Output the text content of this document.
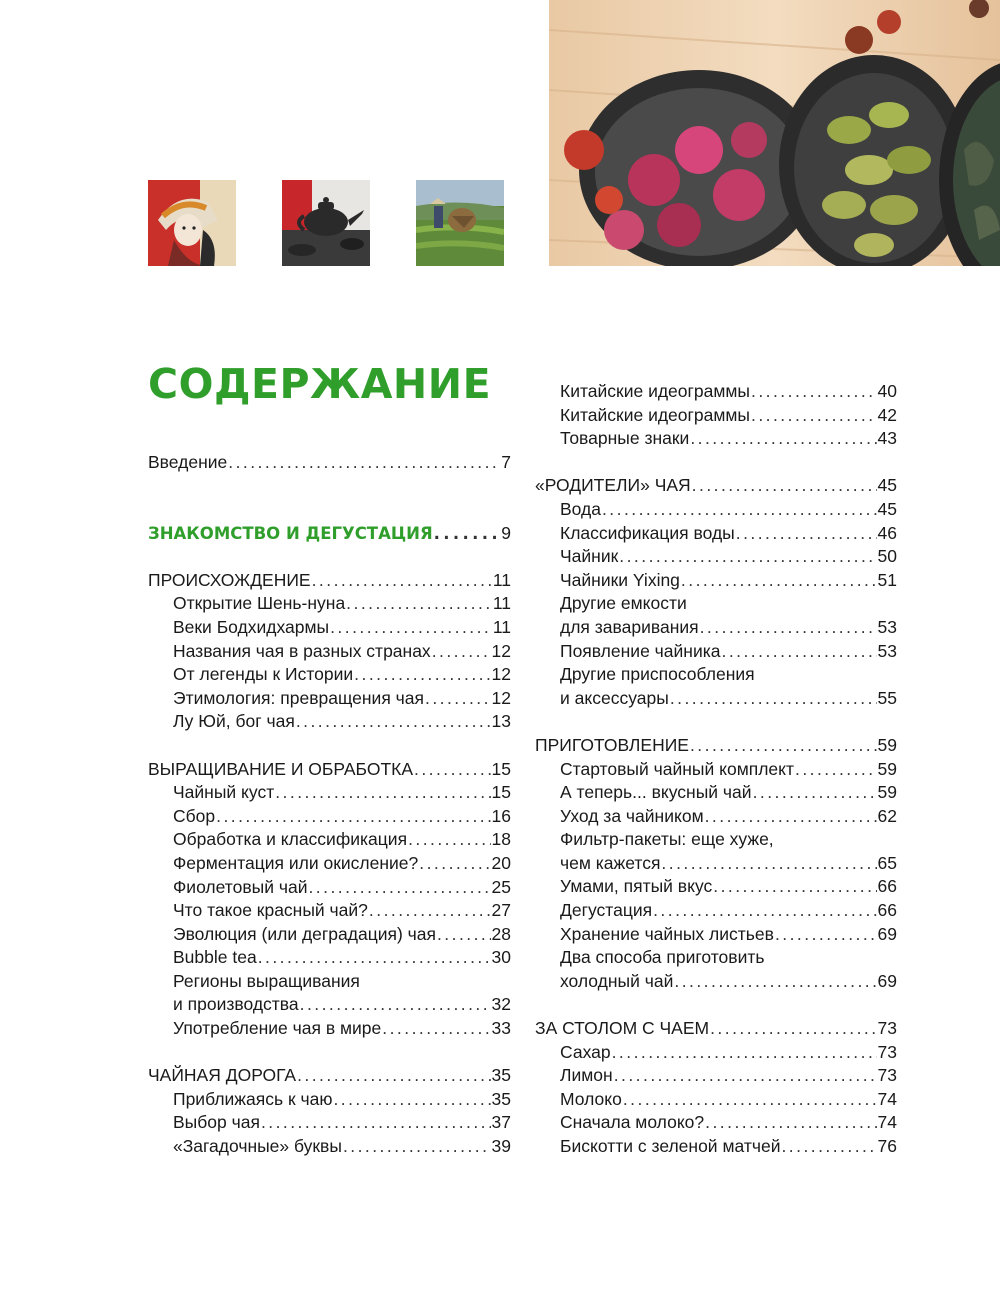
СОДЕРЖАНИЕ
Введение . . .	7
ЗНАКОМСТВО И ДЕГУСТАЦИЯ . . .	9
ПРОИСХОЖДЕНИЕ . . .	11
Открытие Шень-нуна . . .	11
Веки Бодхидхармы . . .	11
Названия чая в разных странах . . .	12
От легенды к Истории . . .	12
Этимология: превращения чая . . .	12
Лу Юй, бог чая . . .	13
ВЫРАЩИВАНИЕ И ОБРАБОТКА . . .	15
Чайный куст . . .	15
Сбор . . .	16
Обработка и классификация . . .	18
Ферментация или окисление? . . .	20
Фиолетовый чай . . .	25
Что такое красный чай? . . .	27
Эволюция (или деградация) чая . . .	28
Bubble tea . . .	30
Регионы выращивания
и производства . . .	32
Употребление чая в мире . . .	33
ЧАЙНАЯ ДОРОГА . . .	35
Приближаясь к чаю . . .	35
Выбор чая . . .	37
«Загадочные» буквы . . .	39
Китайские идеограммы . . .	40
Китайские идеограммы . . .	42
Товарные знаки . . .	43
«РОДИТЕЛИ» ЧАЯ . . .	45
Вода . . .	45
Классификация воды . . .	46
Чайник . . .	50
Чайники Yixing . . .	51
Другие емкости
для заваривания . . .	53
Появление чайника . . .	53
Другие приспособления
и аксессуары . . .	55
ПРИГОТОВЛЕНИЕ . . .	59
Стартовый чайный комплект . . .	59
А теперь... вкусный чай . . .	59
Уход за чайником . . .	62
Фильтр-пакеты: еще хуже,
чем кажется . . .	65
Умами, пятый вкус . . .	66
Дегустация . . .	66
Хранение чайных листьев . . .	69
Два способа приготовить
холодный чай . . .	69
ЗА СТОЛОМ С ЧАЕМ . . .	73
Сахар . . .	73
Лимон . . .	73
Молоко . . .	74
Сначала молоко? . . .	74
Бискотти с зеленой матчей . . .	76
